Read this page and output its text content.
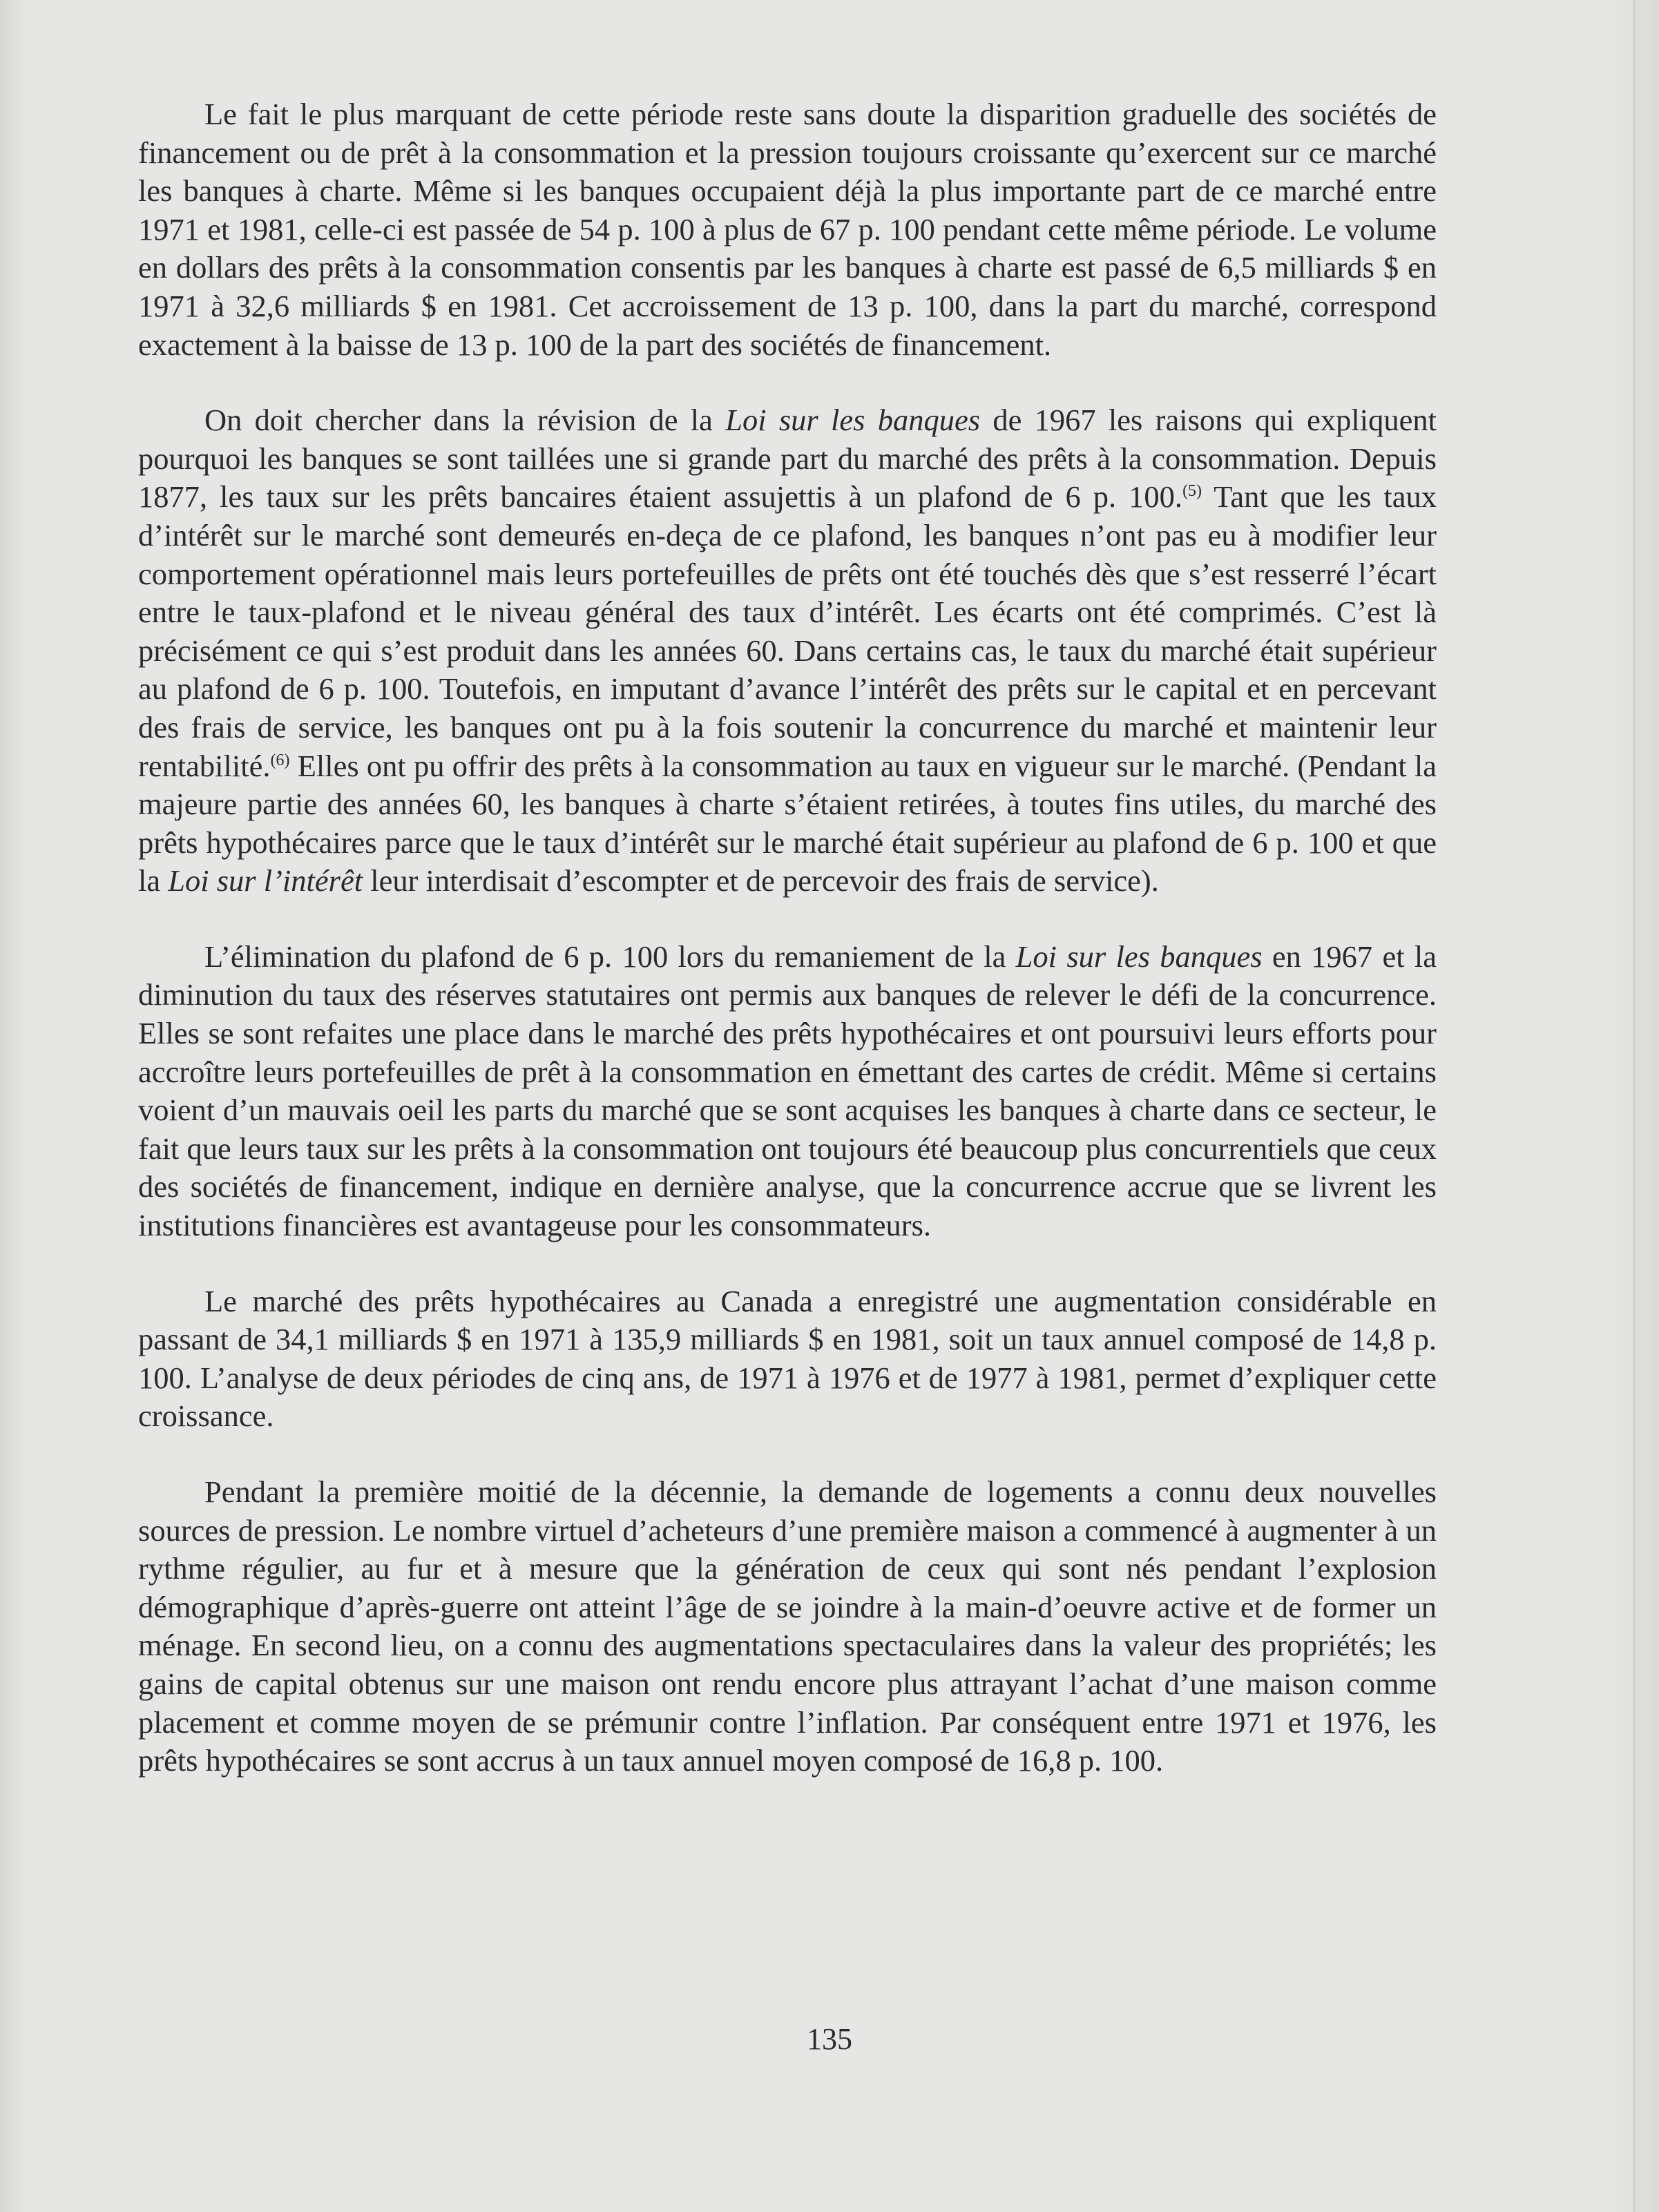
Le fait le plus marquant de cette période reste sans doute la disparition graduelle des sociétés de financement ou de prêt à la consommation et la pression toujours croissante qu’exercent sur ce marché les banques à charte. Même si les banques occupaient déjà la plus importante part de ce marché entre 1971 et 1981, celle-ci est passée de 54 p. 100 à plus de 67 p. 100 pendant cette même période. Le volume en dollars des prêts à la consommation consentis par les banques à charte est passé de 6,5 milliards $ en 1971 à 32,6 milliards $ en 1981. Cet accroissement de 13 p. 100, dans la part du marché, correspond exactement à la baisse de 13 p. 100 de la part des sociétés de financement.

On doit chercher dans la révision de la Loi sur les banques de 1967 les raisons qui expliquent pourquoi les banques se sont taillées une si grande part du marché des prêts à la consommation. Depuis 1877, les taux sur les prêts bancaires étaient assujettis à un plafond de 6 p. 100.$^{(5)}$ Tant que les taux d’intérêt sur le marché sont demeurés en-deça de ce plafond, les banques n’ont pas eu à modifier leur comportement opérationnel mais leurs portefeuilles de prêts ont été touchés dès que s’est resserré l’écart entre le taux-plafond et le niveau général des taux d’intérêt. Les écarts ont été comprimés. C’est là précisément ce qui s’est produit dans les années 60. Dans certains cas, le taux du marché était supérieur au plafond de 6 p. 100. Toutefois, en imputant d’avance l’intérêt des prêts sur le capital et en percevant des frais de service, les banques ont pu à la fois soutenir la concurrence du marché et maintenir leur rentabilité.$^{(6)}$ Elles ont pu offrir des prêts à la consommation au taux en vigueur sur le marché. (Pendant la majeure partie des années 60, les banques à charte s’étaient retirées, à toutes fins utiles, du marché des prêts hypothécaires parce que le taux d’intérêt sur le marché était supérieur au plafond de 6 p. 100 et que la Loi sur l’intérêt leur interdisait d’escompter et de percevoir des frais de service).

L’élimination du plafond de 6 p. 100 lors du remaniement de la Loi sur les banques en 1967 et la diminution du taux des réserves statutaires ont permis aux banques de relever le défi de la concurrence. Elles se sont refaites une place dans le marché des prêts hypothécaires et ont poursuivi leurs efforts pour accroître leurs portefeuilles de prêt à la consommation en émettant des cartes de crédit. Même si certains voient d’un mauvais oeil les parts du marché que se sont acquises les banques à charte dans ce secteur, le fait que leurs taux sur les prêts à la consommation ont toujours été beaucoup plus concurrentiels que ceux des sociétés de financement, indique en dernière analyse, que la concurrence accrue que se livrent les institutions financières est avantageuse pour les consommateurs.

Le marché des prêts hypothécaires au Canada a enregistré une augmentation considérable en passant de 34,1 milliards $ en 1971 à 135,9 milliards $ en 1981, soit un taux annuel composé de 14,8 p. 100. L’analyse de deux périodes de cinq ans, de 1971 à 1976 et de 1977 à 1981, permet d’expliquer cette croissance.

Pendant la première moitié de la décennie, la demande de logements a connu deux nouvelles sources de pression. Le nombre virtuel d’acheteurs d’une première maison a commencé à augmenter à un rythme régulier, au fur et à mesure que la génération de ceux qui sont nés pendant l’explosion démographique d’après-guerre ont atteint l’âge de se joindre à la main-d’oeuvre active et de former un ménage. En second lieu, on a connu des augmentations spectaculaires dans la valeur des propriétés; les gains de capital obtenus sur une maison ont rendu encore plus attrayant l’achat d’une maison comme placement et comme moyen de se prémunir contre l’inflation. Par conséquent entre 1971 et 1976, les prêts hypothécaires se sont accrus à un taux annuel moyen composé de 16,8 p. 100.

135
